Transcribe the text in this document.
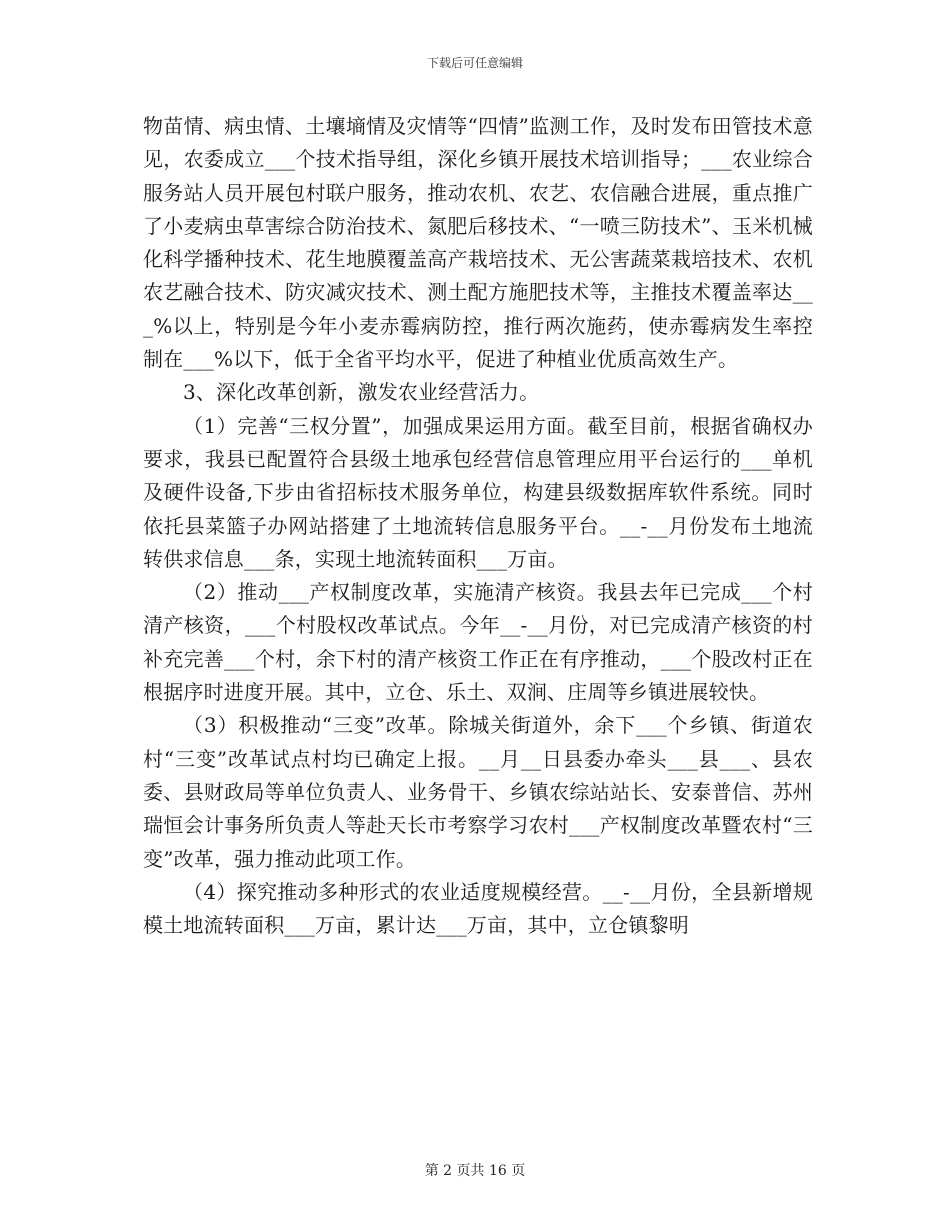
下载后可任意编辑

物苗情、病虫情、土壤墒情及灾情等“四情”监测工作，及时发布田管技术意见，农委成立___个技术指导组，深化乡镇开展技术培训指导；___农业综合服务站人员开展包村联户服务，推动农机、农艺、农信融合进展，重点推广了小麦病虫草害综合防治技术、氮肥后移技术、“一喷三防技术”、玉米机械化科学播种技术、花生地膜覆盖高产栽培技术、无公害蔬菜栽培技术、农机农艺融合技术、防灾减灾技术、测土配方施肥技术等，主推技术覆盖率达___%以上，特别是今年小麦赤霉病防控，推行两次施药，使赤霉病发生率控制在___%以下，低于全省平均水平，促进了种植业优质高效生产。

3、深化改革创新，激发农业经营活力。

（1）完善“三权分置”，加强成果运用方面。截至目前，根据省确权办要求，我县已配置符合县级土地承包经营信息管理应用平台运行的___单机及硬件设备,下步由省招标技术服务单位，构建县级数据库软件系统。同时依托县菜篮子办网站搭建了土地流转信息服务平台。__-__月份发布土地流转供求信息___条，实现土地流转面积___万亩。

（2）推动___产权制度改革，实施清产核资。我县去年已完成___个村清产核资，___个村股权改革试点。今年__-__月份，对已完成清产核资的村补充完善___个村，余下村的清产核资工作正在有序推动，___个股改村正在根据序时进度开展。其中，立仓、乐土、双涧、庄周等乡镇进展较快。

（3）积极推动“三变”改革。除城关街道外，余下___个乡镇、街道农村“三变”改革试点村均已确定上报。__月__日县委办牵头___县___、县农委、县财政局等单位负责人、业务骨干、乡镇农综站站长、安泰普信、苏州瑞恒会计事务所负责人等赴天长市考察学习农村___产权制度改革暨农村“三变”改革，强力推动此项工作。

（4）探究推动多种形式的农业适度规模经营。__-__月份，全县新增规模土地流转面积___万亩，累计达___万亩，其中，立仓镇黎明

第 2 页共 16 页
